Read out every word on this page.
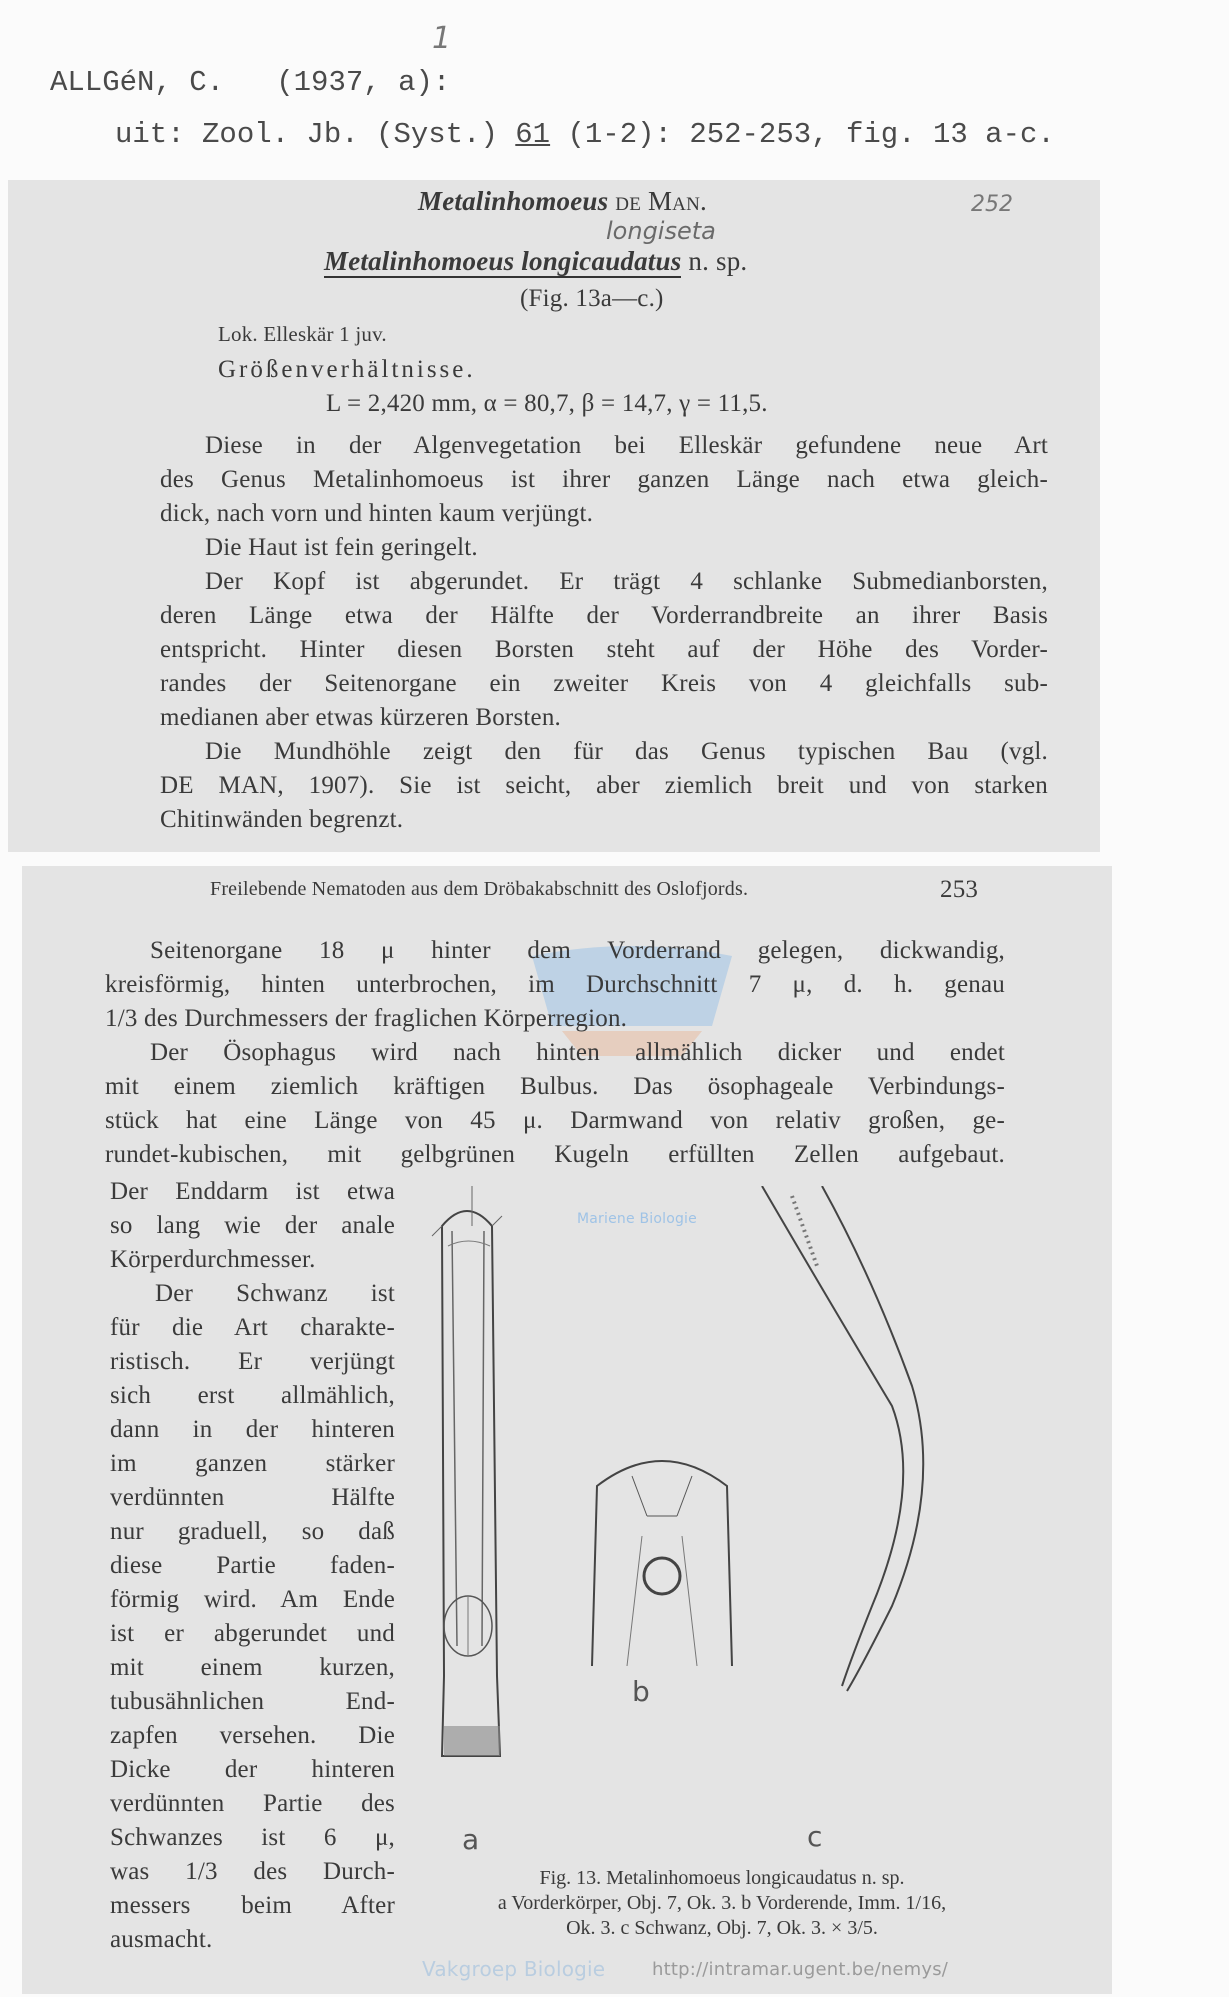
1
ALLGéN, C. (1937, a):
uit: Zool. Jb. (Syst.) 61 (1-2): 252-253, fig. 13 a-c.
Metalinhomoeus de Man.	252
longiseta
Metalinhomoeus longicaudatus n. sp.
(Fig. 13a—c.)
Lok. Elleskär 1 juv.
Größenverhältnisse.
L = 2,420 mm, α = 80,7, β = 14,7, γ = 11,5.
Diese in der Algenvegetation bei Elleskär gefundene neue Art
des Genus Metalinhomoeus ist ihrer ganzen Länge nach etwa gleich-
dick, nach vorn und hinten kaum verjüngt.
Die Haut ist fein geringelt.
Der Kopf ist abgerundet. Er trägt 4 schlanke Submedianborsten,
deren Länge etwa der Hälfte der Vorderrandbreite an ihrer Basis
entspricht. Hinter diesen Borsten steht auf der Höhe des Vorder-
randes der Seitenorgane ein zweiter Kreis von 4 gleichfalls sub-
medianen aber etwas kürzeren Borsten.
Die Mundhöhle zeigt den für das Genus typischen Bau (vgl.
DE MAN, 1907). Sie ist seicht, aber ziemlich breit und von starken
Chitinwänden begrenzt.
Freilebende Nematoden aus dem Dröbakabschnitt des Oslofjords.	253
Mariene Biologie
Vakgroep Biologie	http://intramar.ugent.be/nemys/
Seitenorgane 18 μ hinter dem Vorderrand gelegen, dickwandig,
kreisförmig, hinten unterbrochen, im Durchschnitt 7 μ, d. h. genau
1/3 des Durchmessers der fraglichen Körperregion.
Der Ösophagus wird nach hinten allmählich dicker und endet
mit einem ziemlich kräftigen Bulbus. Das ösophageale Verbindungs-
stück hat eine Länge von 45 μ. Darmwand von relativ großen, ge-
rundet-kubischen, mit gelbgrünen Kugeln erfüllten Zellen aufgebaut.
Der Enddarm ist etwa
so lang wie der anale
Körperdurchmesser.
Der Schwanz ist
für die Art charakte-
ristisch. Er verjüngt
sich erst allmählich,
dann in der hinteren
im ganzen stärker
verdünnten Hälfte
nur graduell, so daß
diese Partie faden-
förmig wird. Am Ende
ist er abgerundet und
mit einem kurzen,
tubusähnlichen End-
zapfen versehen. Die
Dicke der hinteren
verdünnten Partie des
Schwanzes ist 6 μ,
was 1/3 des Durch-
messers beim After
ausmacht.
a
b
c
Fig. 13. Metalinhomoeus longicaudatus n. sp.
a Vorderkörper, Obj. 7, Ok. 3. b Vorderende, Imm. 1/16,
Ok. 3. c Schwanz, Obj. 7, Ok. 3. × 3/5.
